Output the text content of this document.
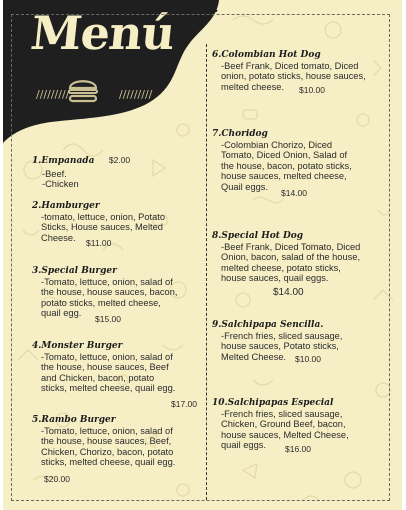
Menú
/////////	/////////
1.Empanada $2.00
-Beef.
-Chicken
2.Hamburger
-tomato, lettuce, onion, Potato
Sticks, House sauces, Melted
Cheese.
$11.00
3.Special Burger
-Tomato, lettuce, onion, salad of
the house, house sauces, bacon,
potato sticks, melted cheese,
quail egg.
$15.00
4.Monster Burger
-Tomato, lettuce, onion, salad of
the house, house sauces, Beef
and Chicken, bacon, potato
sticks, melted cheese, quail egg.
$17.00
5.Rambo Burger
-Tomato, lettuce, onion, salad of
the house, house sauces, Beef,
Chicken, Chorizo, bacon, potato
sticks, melted cheese, quail egg.
$20.00
6.Colombian Hot Dog
-Beef Frank, Diced tomato, Diced
onion, potato sticks, house sauces,
melted cheese.	$10.00
7.Choridog
-Colombian Chorizo, Diced
Tomato, Diced Onion, Salad of
the house, bacon, potato sticks,
house sauces, melted cheese,
Quail eggs.
$14.00
8.Special Hot Dog
-Beef Frank, Diced Tomato, Diced
Onion, bacon, salad of the house,
melted cheese, potato sticks,
house sauces, quail eggs.
$14.00
9.Salchipapa Sencilla.
-French fries, sliced sausage,
house sauces, Potato sticks,
Melted Cheese.	$10.00
10.Salchipapas Especial
-French fries, sliced sausage,
Chicken, Ground Beef, bacon,
house sauces, Melted Cheese,
quail eggs.	$16.00
